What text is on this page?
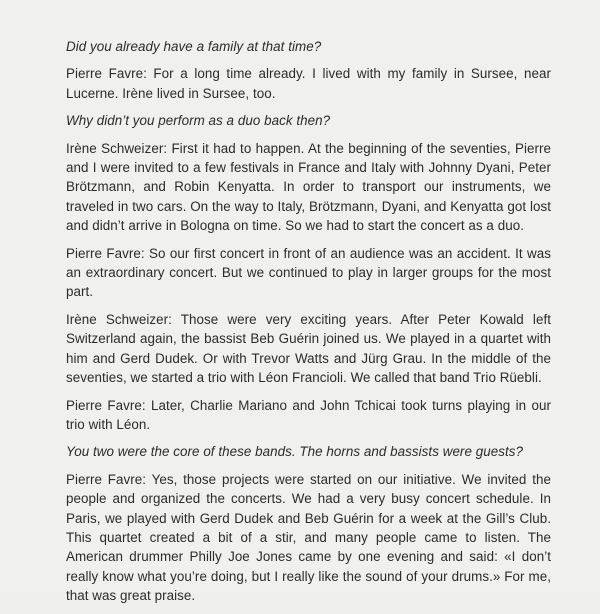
Did you already have a family at that time?

Pierre Favre: For a long time already. I lived with my family in Sursee, near Lucerne. Irène lived in Sursee, too.

Why didn’t you perform as a duo back then?

Irène Schweizer: First it had to happen. At the beginning of the seventies, Pierre and I were invited to a few festivals in France and Italy with Johnny Dyani, Peter Brötzmann, and Robin Kenyatta. In order to transport our instruments, we traveled in two cars. On the way to Italy, Brötzmann, Dyani, and Kenyatta got lost and didn’t arrive in Bologna on time. So we had to start the concert as a duo.

Pierre Favre: So our first concert in front of an audience was an accident. It was an extraordinary concert. But we continued to play in larger groups for the most part.

Irène Schweizer: Those were very exciting years. After Peter Kowald left Switzerland again, the bassist Beb Guérin joined us. We played in a quartet with him and Gerd Dudek. Or with Trevor Watts and Jürg Grau. In the middle of the seventies, we started a trio with Léon Francioli. We called that band Trio Rüebli.

Pierre Favre: Later, Charlie Mariano and John Tchicai took turns playing in our trio with Léon.

You two were the core of these bands. The horns and bassists were guests?

Pierre Favre: Yes, those projects were started on our initiative. We invited the people and organized the concerts. We had a very busy concert schedule. In Paris, we played with Gerd Dudek and Beb Guérin for a week at the Gill’s Club. This quartet created a bit of a stir, and many people came to listen. The American drummer Philly Joe Jones came by one evening and said: «I don’t really know what you’re doing, but I really like the sound of your drums.» For me, that was great praise.
